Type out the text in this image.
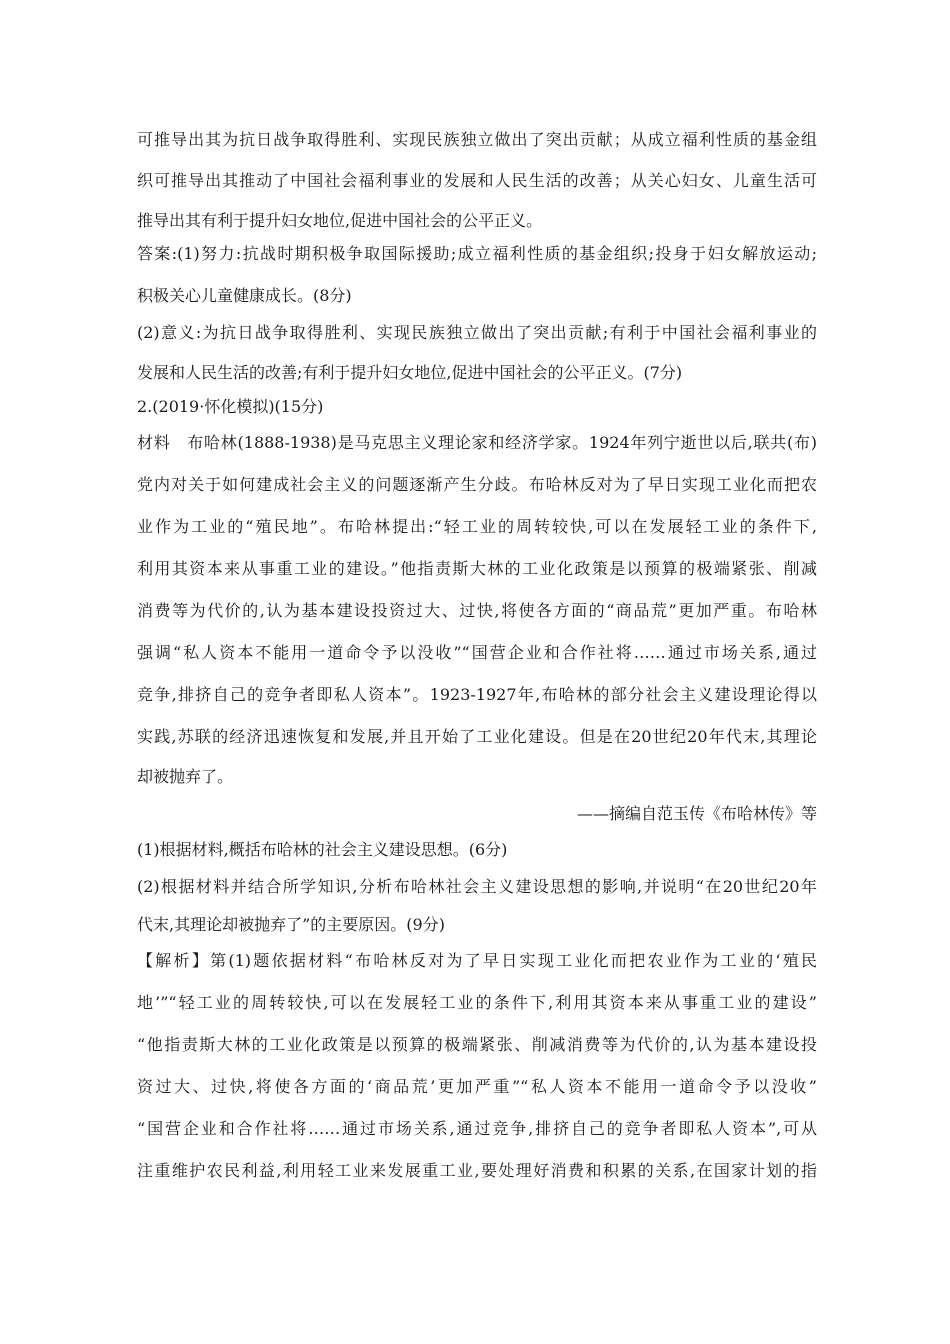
可推导出其为抗日战争取得胜利、实现民族独立做出了突出贡献；从成立福利性质的基金组
织可推导出其推动了中国社会福利事业的发展和人民生活的改善；从关心妇女、儿童生活可
推导出其有利于提升妇女地位,促进中国社会的公平正义。
答案:(1)努力:抗战时期积极争取国际援助;成立福利性质的基金组织;投身于妇女解放运动;
积极关心儿童健康成长。(8分)
(2)意义:为抗日战争取得胜利、实现民族独立做出了突出贡献;有利于中国社会福利事业的
发展和人民生活的改善;有利于提升妇女地位,促进中国社会的公平正义。(7分)
2.(2019·怀化模拟)(15分)
材料　布哈林(1888-1938)是马克思主义理论家和经济学家。1924年列宁逝世以后,联共(布)
党内对关于如何建成社会主义的问题逐渐产生分歧。布哈林反对为了早日实现工业化而把农
业作为工业的“殖民地”。布哈林提出:“轻工业的周转较快,可以在发展轻工业的条件下,
利用其资本来从事重工业的建设。”他指责斯大林的工业化政策是以预算的极端紧张、削减
消费等为代价的,认为基本建设投资过大、过快,将使各方面的“商品荒”更加严重。布哈林
强调“私人资本不能用一道命令予以没收”“国营企业和合作社将……通过市场关系,通过
竞争,排挤自己的竞争者即私人资本”。1923-1927年,布哈林的部分社会主义建设理论得以
实践,苏联的经济迅速恢复和发展,并且开始了工业化建设。但是在20世纪20年代末,其理论
却被抛弃了。
——摘编自范玉传《布哈林传》等
(1)根据材料,概括布哈林的社会主义建设思想。(6分)
(2)根据材料并结合所学知识,分析布哈林社会主义建设思想的影响,并说明“在20世纪20年
代末,其理论却被抛弃了”的主要原因。(9分)
【解析】第(1)题依据材料“布哈林反对为了早日实现工业化而把农业作为工业的‘殖民
地’”“轻工业的周转较快,可以在发展轻工业的条件下,利用其资本来从事重工业的建设”
“他指责斯大林的工业化政策是以预算的极端紧张、削减消费等为代价的,认为基本建设投
资过大、过快,将使各方面的‘商品荒’更加严重”“私人资本不能用一道命令予以没收”
“国营企业和合作社将……通过市场关系,通过竞争,排挤自己的竞争者即私人资本”,可从
注重维护农民利益,利用轻工业来发展重工业,要处理好消费和积累的关系,在国家计划的指
